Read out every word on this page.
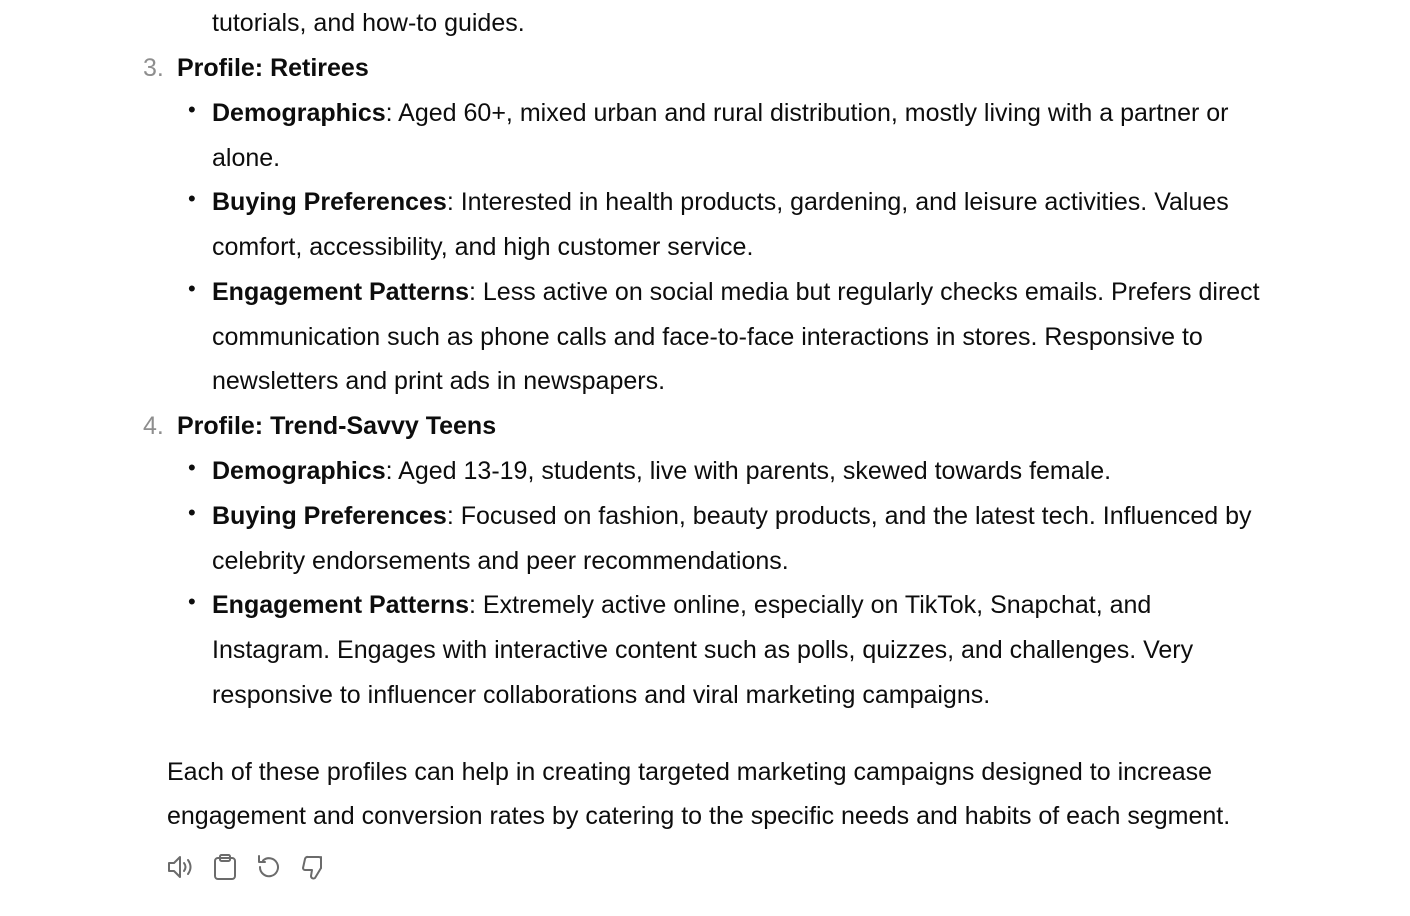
tutorials, and how-to guides.
3. Profile: Retirees
• Demographics: Aged 60+, mixed urban and rural distribution, mostly living with a partner or
alone.
• Buying Preferences: Interested in health products, gardening, and leisure activities. Values
comfort, accessibility, and high customer service.
• Engagement Patterns: Less active on social media but regularly checks emails. Prefers direct
communication such as phone calls and face-to-face interactions in stores. Responsive to
newsletters and print ads in newspapers.
4. Profile: Trend-Savvy Teens
• Demographics: Aged 13-19, students, live with parents, skewed towards female.
• Buying Preferences: Focused on fashion, beauty products, and the latest tech. Influenced by
celebrity endorsements and peer recommendations.
• Engagement Patterns: Extremely active online, especially on TikTok, Snapchat, and
Instagram. Engages with interactive content such as polls, quizzes, and challenges. Very
responsive to influencer collaborations and viral marketing campaigns.
Each of these profiles can help in creating targeted marketing campaigns designed to increase
engagement and conversion rates by catering to the specific needs and habits of each segment.
